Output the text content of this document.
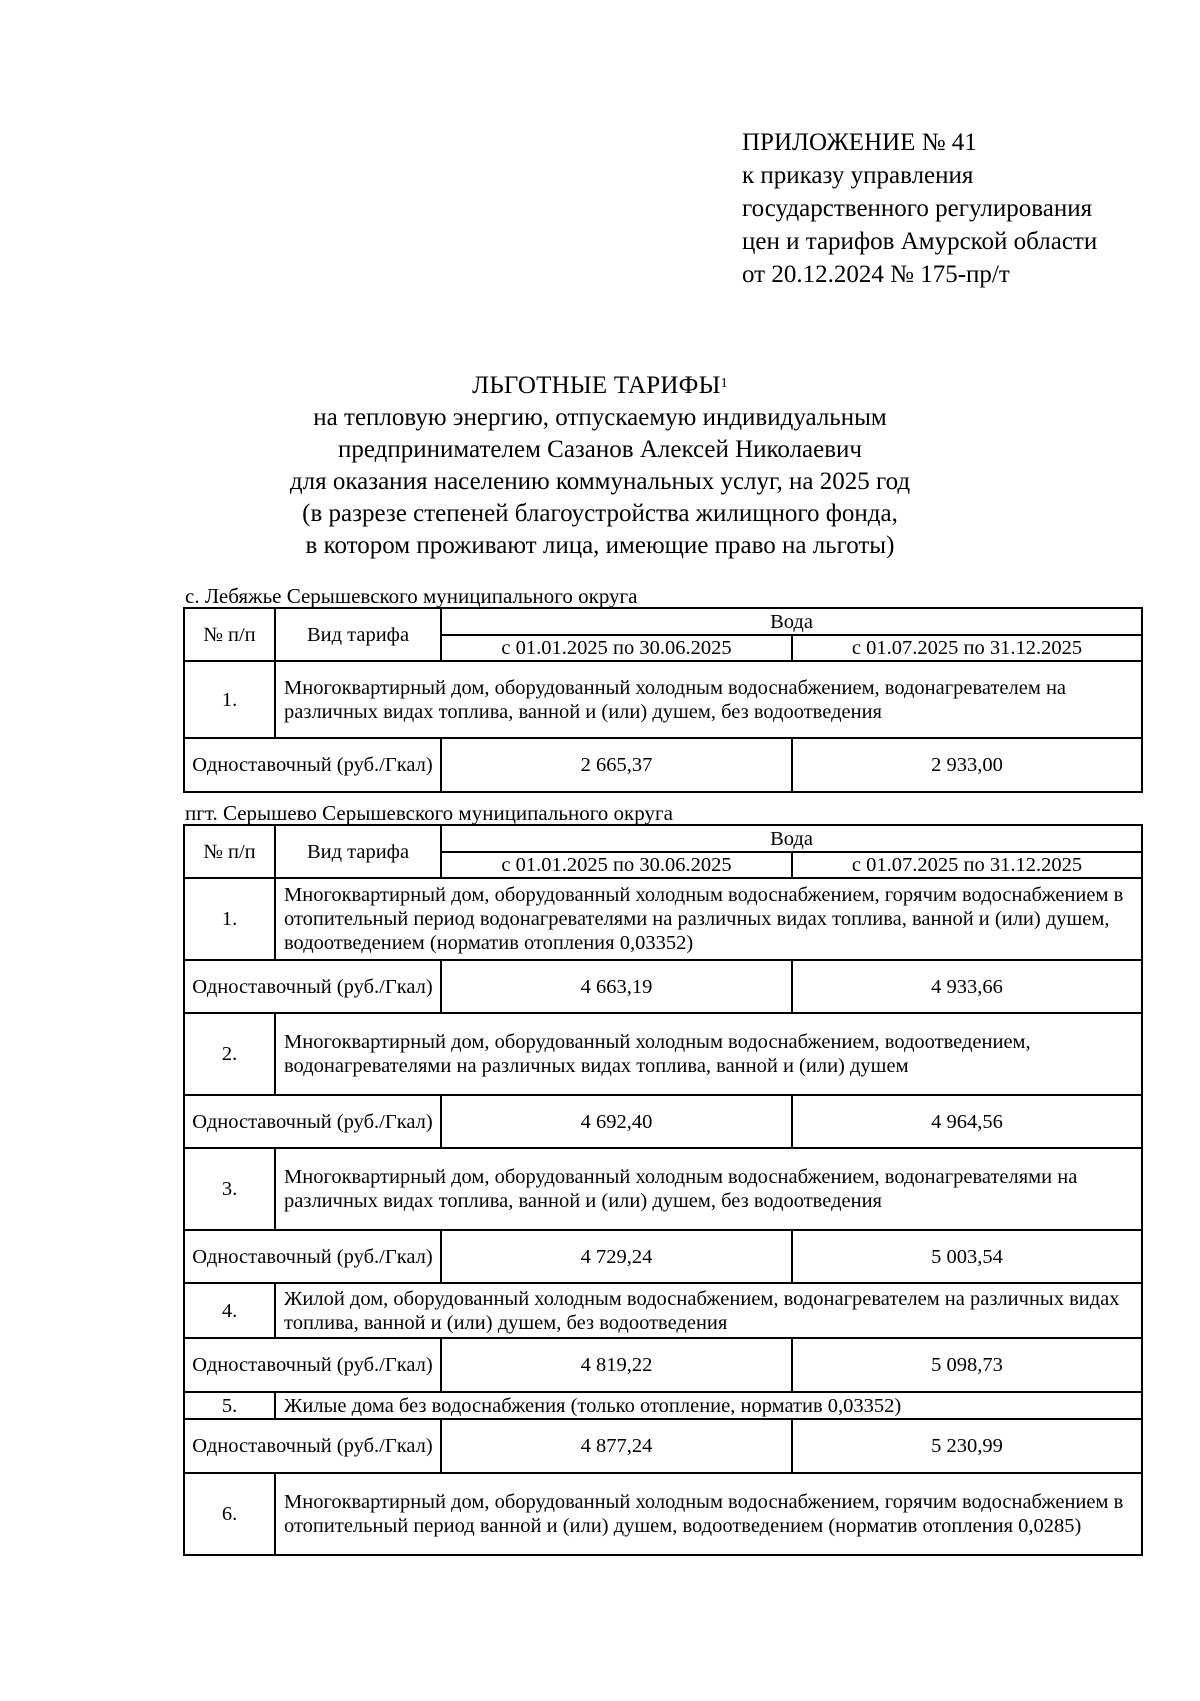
ПРИЛОЖЕНИЕ № 41
к приказу управления
государственного регулирования
цен и тарифов Амурской области
от 20.12.2024 № 175-пр/т
ЛЬГОТНЫЕ ТАРИФЫ$^1$
на тепловую энергию, отпускаемую индивидуальным
предпринимателем Сазанов Алексей Николаевич
для оказания населению коммунальных услуг, на 2025 год
(в разрезе степеней благоустройства жилищного фонда,
в котором проживают лица, имеющие право на льготы)
с. Лебяжье Серышевского муниципального округа
№ п/п	Вид тарифа	Вода	
		с 01.01.2025 по 30.06.2025	с 01.07.2025 по 31.12.2025
1.	Многоквартирный дом, оборудованный холодным водоснабжением, водонагревателем на различных видах топлива, ванной и (или) душем, без водоотведения		
Одноставочный (руб./Гкал)		2 665,37	2 933,00
пгт. Серышево Серышевского муниципального округа
№ п/п	Вид тарифа	Вода	
		с 01.01.2025 по 30.06.2025	с 01.07.2025 по 31.12.2025
1.	Многоквартирный дом, оборудованный холодным водоснабжением, горячим водоснабжением в отопительный период водонагревателями на различных видах топлива, ванной и (или) душем, водоотведением (норматив отопления 0,03352)		
Одноставочный (руб./Гкал)		4 663,19	4 933,66
2.	Многоквартирный дом, оборудованный холодным водоснабжением, водоотведением, водонагревателями на различных видах топлива, ванной и (или) душем		
Одноставочный (руб./Гкал)		4 692,40	4 964,56
3.	Многоквартирный дом, оборудованный холодным водоснабжением, водонагревателями на различных видах топлива, ванной и (или) душем, без водоотведения		
Одноставочный (руб./Гкал)		4 729,24	5 003,54
4.	Жилой дом, оборудованный холодным водоснабжением, водонагревателем на различных видах топлива, ванной и (или) душем, без водоотведения		
Одноставочный (руб./Гкал)		4 819,22	5 098,73
5.	Жилые дома без водоснабжения (только отопление, норматив 0,03352)		
Одноставочный (руб./Гкал)		4 877,24	5 230,99
6.	Многоквартирный дом, оборудованный холодным водоснабжением, горячим водоснабжением в отопительный период ванной и (или) душем, водоотведением (норматив отопления 0,0285)		
